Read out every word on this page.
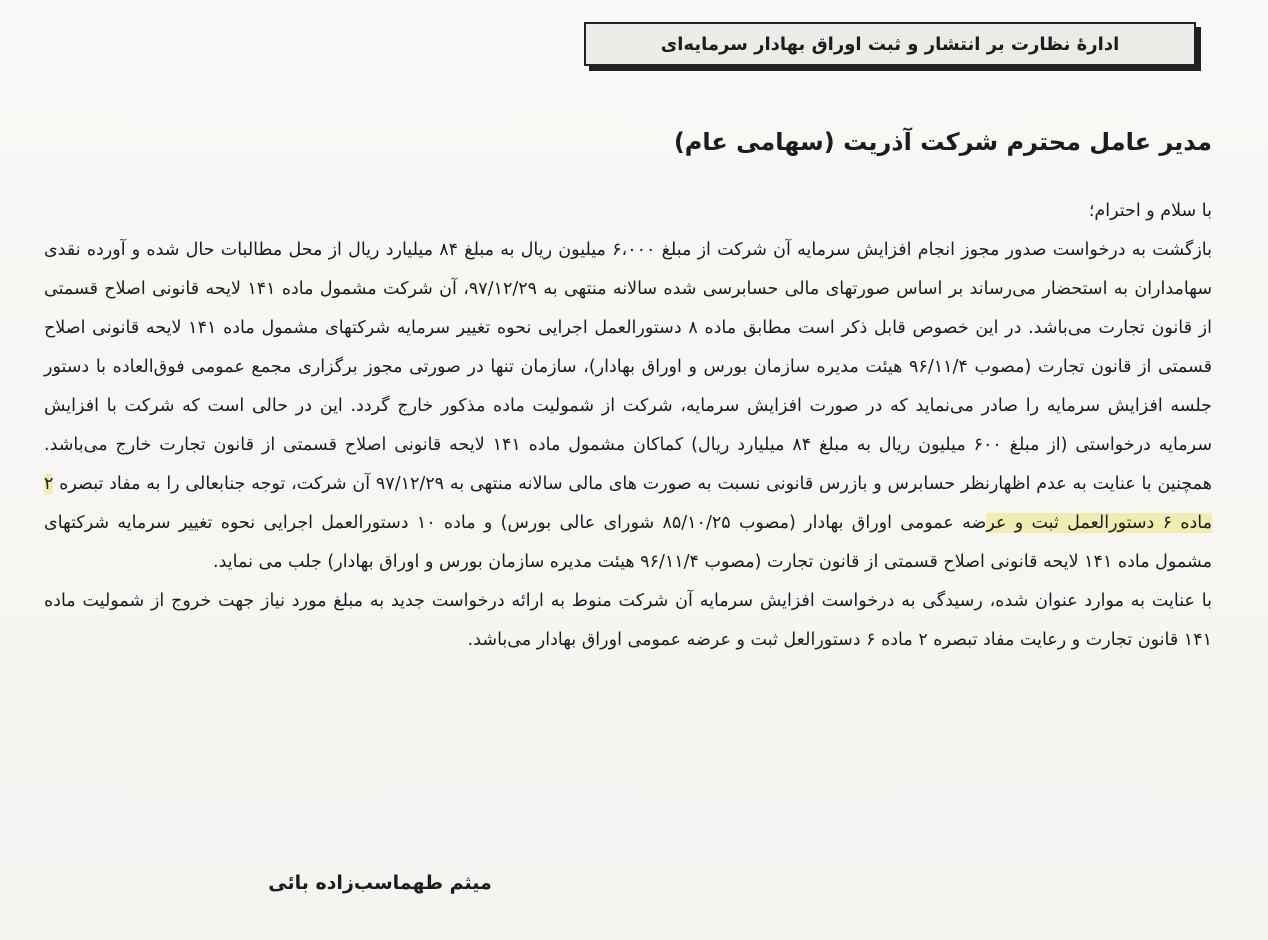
ادارهٔ نظارت بر انتشار و ثبت اوراق بهادار سرمایه‌ای
مدیر عامل محترم شرکت آذریت (سهامی عام)

با سلام و احترام؛

بازگشت به درخواست صدور مجوز انجام افزایش سرمایه آن شرکت از مبلغ ۶،۰۰۰ میلیون ریال به مبلغ ۸۴ میلیارد ریال از محل مطالبات حال شده و آورده نقدی سهامداران به استحضار می‌رساند بر اساس صورتهای مالی حسابرسی شده سالانه منتهی به ۹۷/۱۲/۲۹، آن شرکت مشمول ماده ۱۴۱ لایحه قانونی اصلاح قسمتی از قانون تجارت می‌باشد. در این خصوص قابل ذکر است مطابق ماده ۸ دستورالعمل اجرایی نحوه تغییر سرمایه شرکتهای مشمول ماده ۱۴۱ لایحه قانونی اصلاح قسمتی از قانون تجارت (مصوب ۹۶/۱۱/۴ هیئت مدیره سازمان بورس و اوراق بهادار)، سازمان تنها در صورتی مجوز برگزاری مجمع عمومی فوق‌العاده با دستور جلسه افزایش سرمایه را صادر می‌نماید که در صورت افزایش سرمایه، شرکت از شمولیت ماده مذکور خارج گردد. این در حالی است که شرکت با افزایش سرمایه درخواستی (از مبلغ ۶۰۰ میلیون ریال به مبلغ ۸۴ میلیارد ریال) کماکان مشمول ماده ۱۴۱ لایحه قانونی اصلاح قسمتی از قانون تجارت خارج می‌باشد. همچنین با عنایت به عدم اظهارنظر حسابرس و بازرس قانونی نسبت به صورت های مالی سالانه منتهی به ۹۷/۱۲/۲۹ آن شرکت، توجه جنابعالی را به مفاد تبصره ۲ ماده ۶ دستورالعمل ثبت و عرضه عمومی اوراق بهادار (مصوب ۸۵/۱۰/۲۵ شورای عالی بورس) و ماده ۱۰ دستورالعمل اجرایی نحوه تغییر سرمایه شرکتهای مشمول ماده ۱۴۱ لایحه قانونی اصلاح قسمتی از قانون تجارت (مصوب ۹۶/۱۱/۴ هیئت مدیره سازمان بورس و اوراق بهادار) جلب می نماید.

با عنایت به موارد عنوان شده، رسیدگی به درخواست افزایش سرمایه آن شرکت منوط به ارائه درخواست جدید به مبلغ مورد نیاز جهت خروج از شمولیت ماده ۱۴۱ قانون تجارت و رعایت مفاد تبصره ۲ ماده ۶ دستورالعل ثبت و عرضه عمومی اوراق بهادار می‌باشد.

میثم طهماسب‌زاده بائی
